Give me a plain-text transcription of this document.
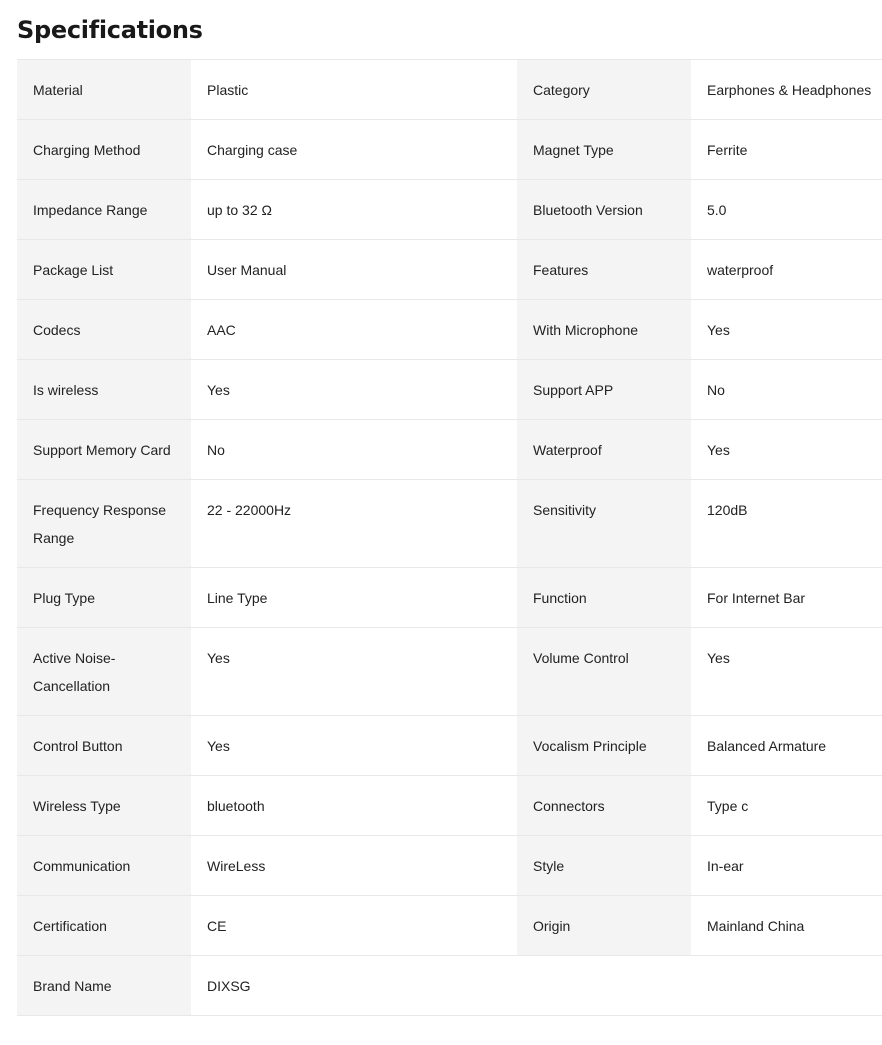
Specifications
Material	Plastic	Category	Earphones & Headphones
Charging Method	Charging case	Magnet Type	Ferrite
Impedance Range	up to 32 Ω	Bluetooth Version	5.0
Package List	User Manual	Features	waterproof
Codecs	AAC	With Microphone	Yes
Is wireless	Yes	Support APP	No
Support Memory Card	No	Waterproof	Yes
Frequency Response Range	22 - 22000Hz	Sensitivity	120dB
Plug Type	Line Type	Function	For Internet Bar
Active Noise-Cancellation	Yes	Volume Control	Yes
Control Button	Yes	Vocalism Principle	Balanced Armature
Wireless Type	bluetooth	Connectors	Type c
Communication	WireLess	Style	In-ear
Certification	CE	Origin	Mainland China
Brand Name	DIXSG		
